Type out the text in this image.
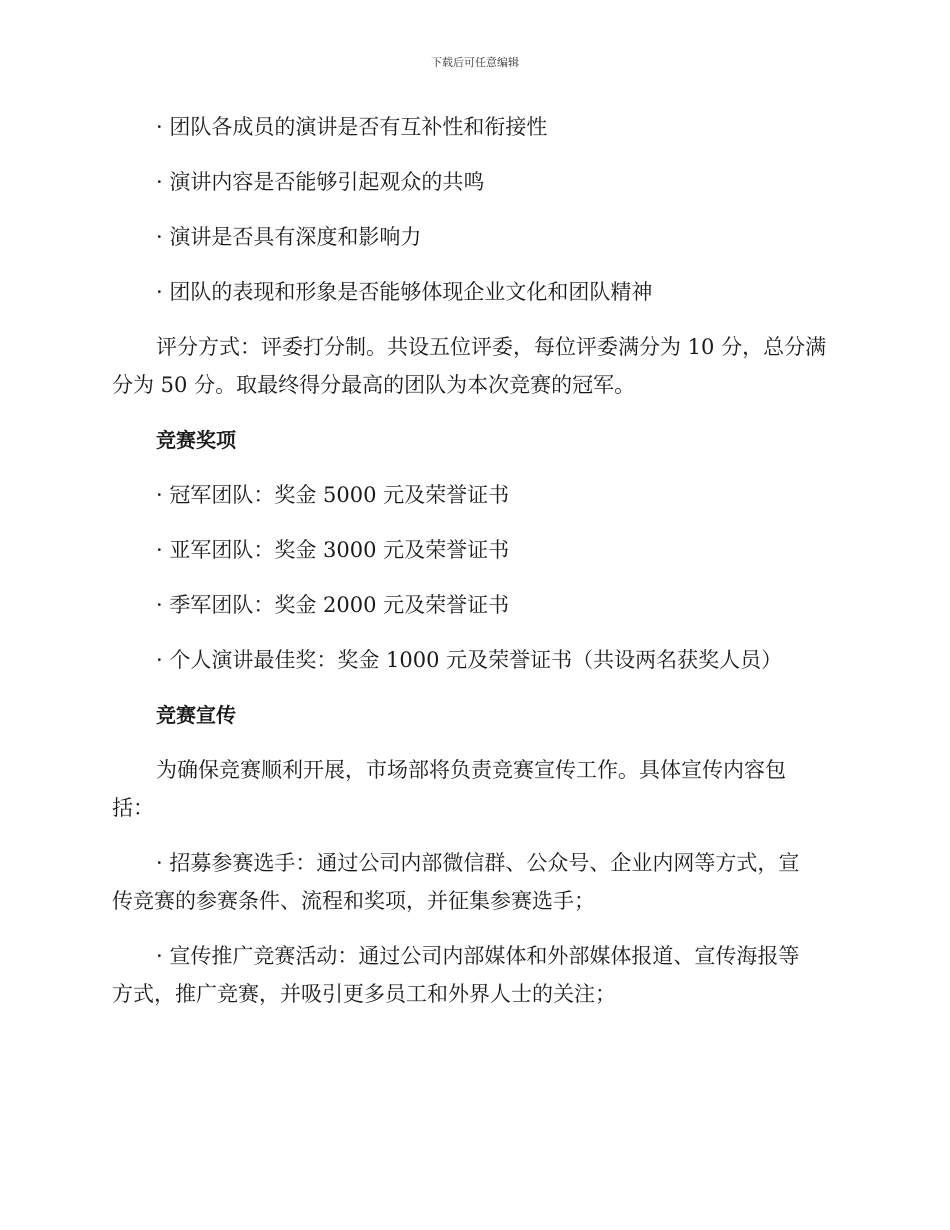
下载后可任意编辑
· 团队各成员的演讲是否有互补性和衔接性
· 演讲内容是否能够引起观众的共鸣
· 演讲是否具有深度和影响力
· 团队的表现和形象是否能够体现企业文化和团队精神
评分方式：评委打分制。共设五位评委，每位评委满分为 10 分，总分满
分为 50 分。取最终得分最高的团队为本次竞赛的冠军。
竞赛奖项
· 冠军团队：奖金 5000 元及荣誉证书
· 亚军团队：奖金 3000 元及荣誉证书
· 季军团队：奖金 2000 元及荣誉证书
· 个人演讲最佳奖：奖金 1000 元及荣誉证书（共设两名获奖人员）
竞赛宣传
为确保竞赛顺利开展，市场部将负责竞赛宣传工作。具体宣传内容包
括：
· 招募参赛选手：通过公司内部微信群、公众号、企业内网等方式，宣
传竞赛的参赛条件、流程和奖项，并征集参赛选手；
· 宣传推广竞赛活动：通过公司内部媒体和外部媒体报道、宣传海报等
方式，推广竞赛，并吸引更多员工和外界人士的关注；
